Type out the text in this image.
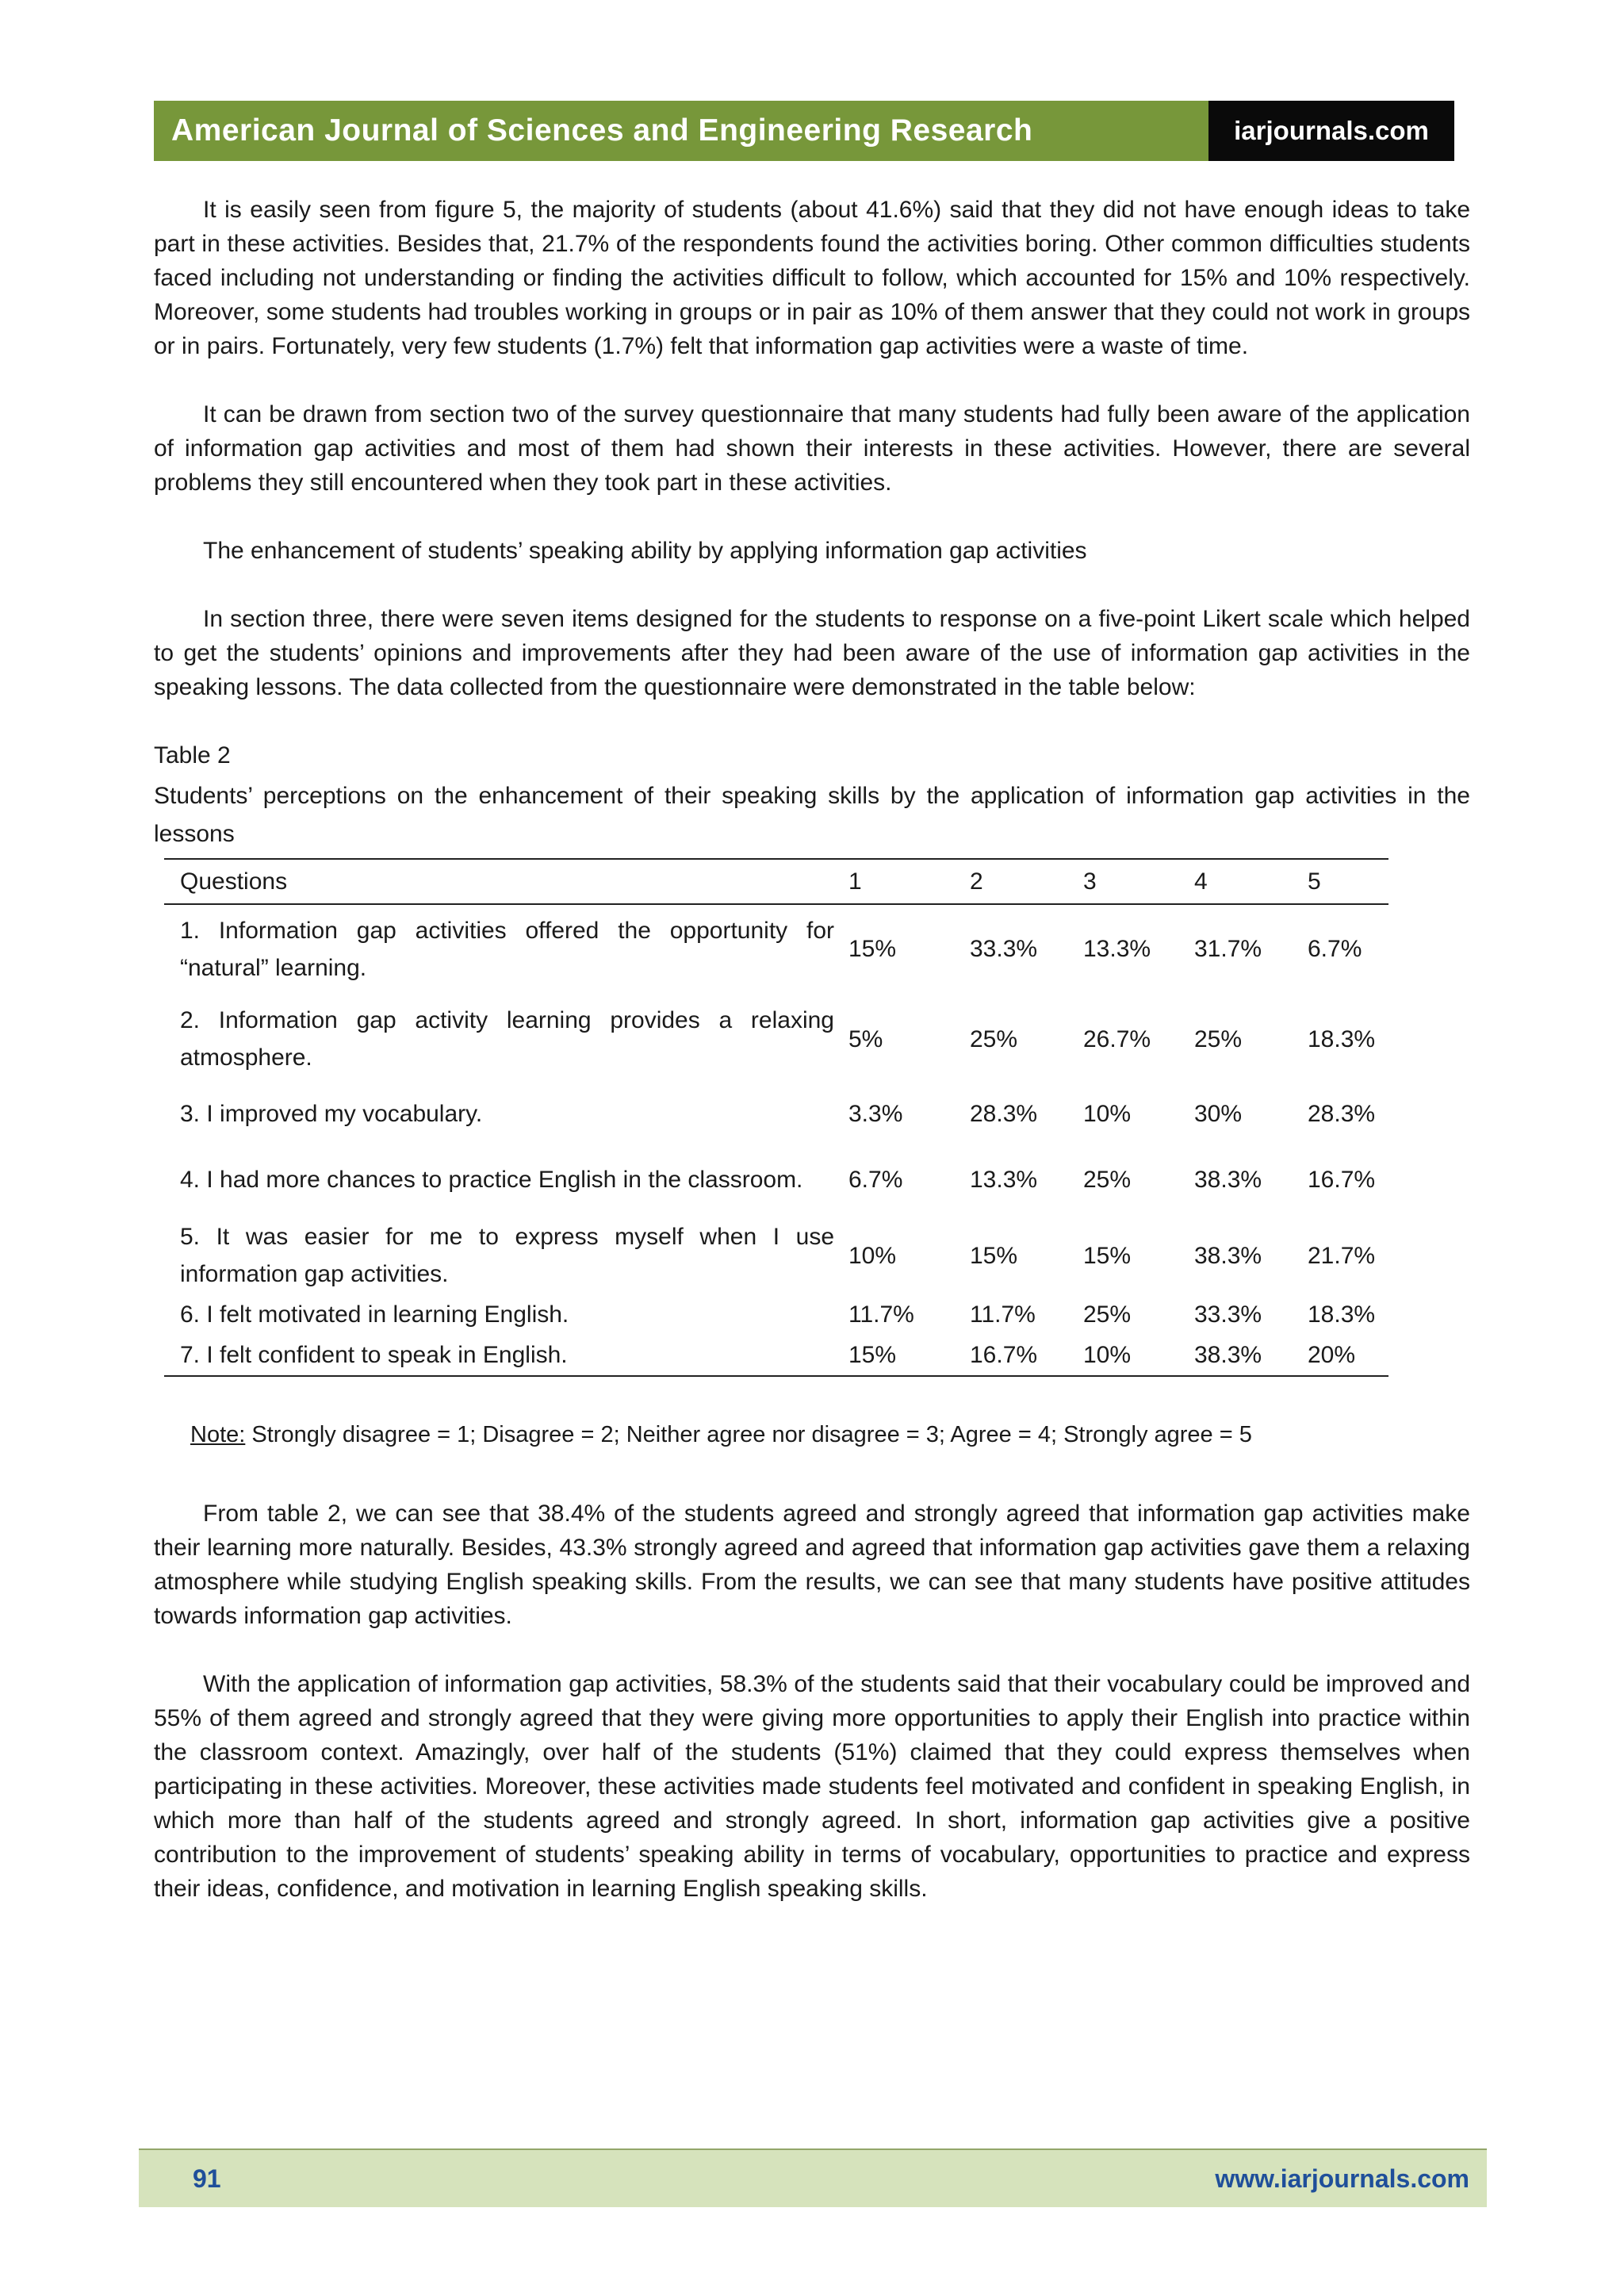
American Journal of Sciences and Engineering Research	iarjournals.com

It is easily seen from figure 5, the majority of students (about 41.6%) said that they did not have enough ideas to take part in these activities. Besides that, 21.7% of the respondents found the activities boring. Other common difficulties students faced including not understanding or finding the activities difficult to follow, which accounted for 15% and 10% respectively. Moreover, some students had troubles working in groups or in pair as 10% of them answer that they could not work in groups or in pairs. Fortunately, very few students (1.7%) felt that information gap activities were a waste of time.

It can be drawn from section two of the survey questionnaire that many students had fully been aware of the application of information gap activities and most of them had shown their interests in these activities. However, there are several problems they still encountered when they took part in these activities.

The enhancement of students’ speaking ability by applying information gap activities

In section three, there were seven items designed for the students to response on a five-point Likert scale which helped to get the students’ opinions and improvements after they had been aware of the use of information gap activities in the speaking lessons. The data collected from the questionnaire were demonstrated in the table below:

Table 2

Students’ perceptions on the enhancement of their speaking skills by the application of information gap activities in the lessons

Questions	1	2	3	4	5
1. Information gap activities offered the opportunity for “natural” learning.	15%	33.3%	13.3%	31.7%	6.7%
2. Information gap activity learning provides a relaxing atmosphere.	5%	25%	26.7%	25%	18.3%
3. I improved my vocabulary.	3.3%	28.3%	10%	30%	28.3%
4. I had more chances to practice English in the classroom.	6.7%	13.3%	25%	38.3%	16.7%
5. It was easier for me to express myself when I use information gap activities.	10%	15%	15%	38.3%	21.7%
6. I felt motivated in learning English.	11.7%	11.7%	25%	33.3%	18.3%
7. I felt confident to speak in English.	15%	16.7%	10%	38.3%	20%
Note: Strongly disagree = 1; Disagree = 2; Neither agree nor disagree = 3; Agree = 4; Strongly agree = 5

From table 2, we can see that 38.4% of the students agreed and strongly agreed that information gap activities make their learning more naturally. Besides, 43.3% strongly agreed and agreed that information gap activities gave them a relaxing atmosphere while studying English speaking skills. From the results, we can see that many students have positive attitudes towards information gap activities.

With the application of information gap activities, 58.3% of the students said that their vocabulary could be improved and 55% of them agreed and strongly agreed that they were giving more opportunities to apply their English into practice within the classroom context. Amazingly, over half of the students (51%) claimed that they could express themselves when participating in these activities. Moreover, these activities made students feel motivated and confident in speaking English, in which more than half of the students agreed and strongly agreed. In short, information gap activities give a positive contribution to the improvement of students’ speaking ability in terms of vocabulary, opportunities to practice and express their ideas, confidence, and motivation in learning English speaking skills.

91	www.iarjournals.com
